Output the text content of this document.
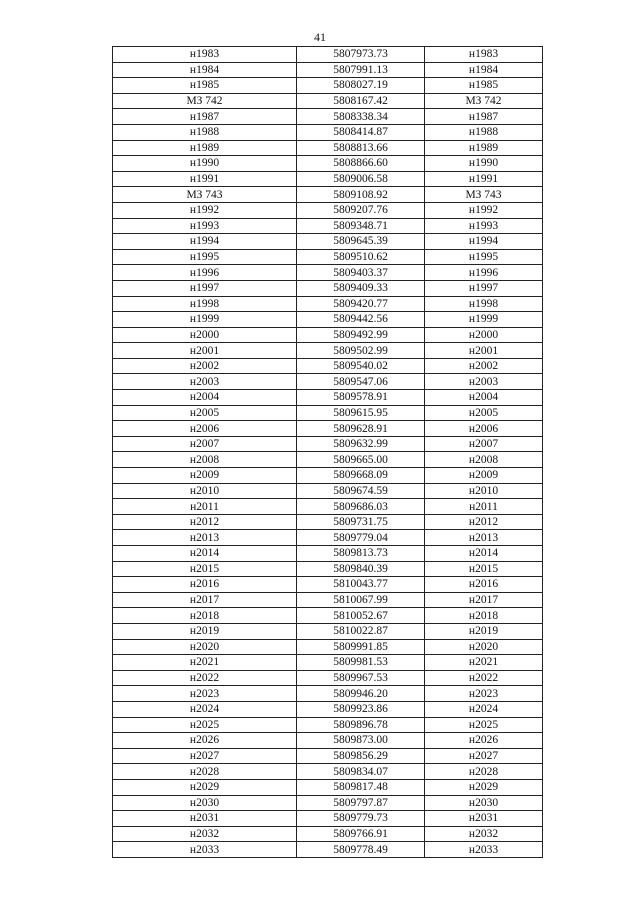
41
н1983	5807973.73	н1983
н1984	5807991.13	н1984
н1985	5808027.19	н1985
МЗ 742	5808167.42	МЗ 742
н1987	5808338.34	н1987
н1988	5808414.87	н1988
н1989	5808813.66	н1989
н1990	5808866.60	н1990
н1991	5809006.58	н1991
МЗ 743	5809108.92	МЗ 743
н1992	5809207.76	н1992
н1993	5809348.71	н1993
н1994	5809645.39	н1994
н1995	5809510.62	н1995
н1996	5809403.37	н1996
н1997	5809409.33	н1997
н1998	5809420.77	н1998
н1999	5809442.56	н1999
н2000	5809492.99	н2000
н2001	5809502.99	н2001
н2002	5809540.02	н2002
н2003	5809547.06	н2003
н2004	5809578.91	н2004
н2005	5809615.95	н2005
н2006	5809628.91	н2006
н2007	5809632.99	н2007
н2008	5809665.00	н2008
н2009	5809668.09	н2009
н2010	5809674.59	н2010
н2011	5809686.03	н2011
н2012	5809731.75	н2012
н2013	5809779.04	н2013
н2014	5809813.73	н2014
н2015	5809840.39	н2015
н2016	5810043.77	н2016
н2017	5810067.99	н2017
н2018	5810052.67	н2018
н2019	5810022.87	н2019
н2020	5809991.85	н2020
н2021	5809981.53	н2021
н2022	5809967.53	н2022
н2023	5809946.20	н2023
н2024	5809923.86	н2024
н2025	5809896.78	н2025
н2026	5809873.00	н2026
н2027	5809856.29	н2027
н2028	5809834.07	н2028
н2029	5809817.48	н2029
н2030	5809797.87	н2030
н2031	5809779.73	н2031
н2032	5809766.91	н2032
н2033	5809778.49	н2033
